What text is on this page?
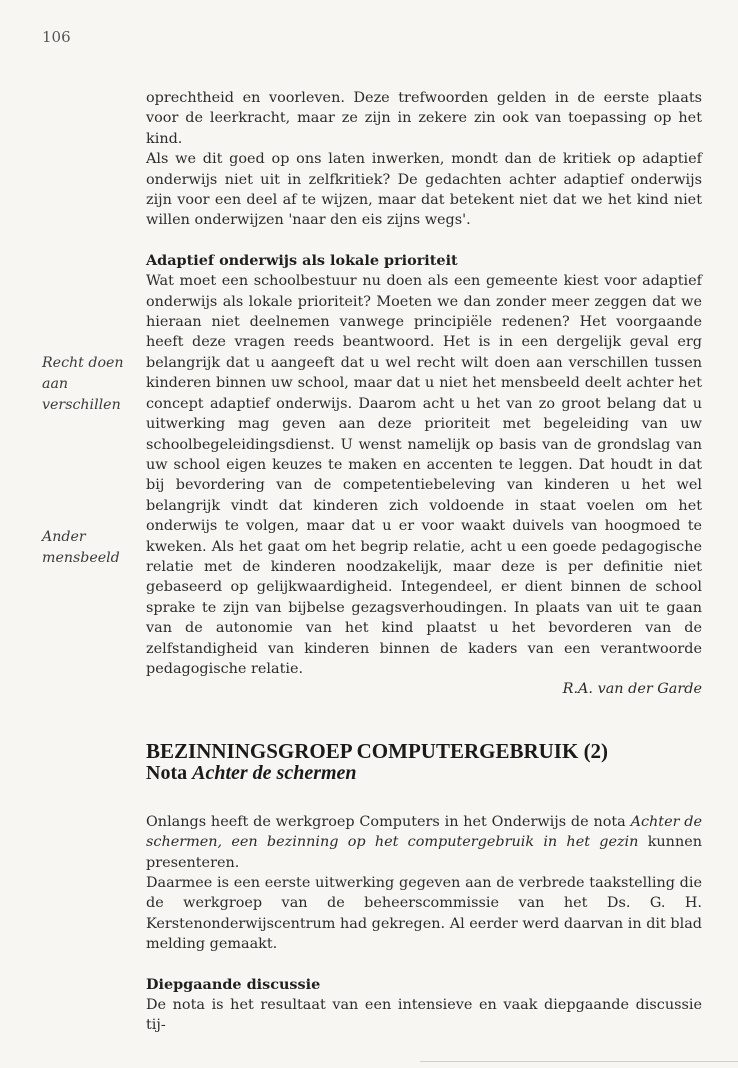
106
Recht doen aan verschillen
Ander mensbeeld

oprechtheid en voorleven. Deze trefwoorden gelden in de eerste plaats voor de leerkracht, maar ze zijn in zekere zin ook van toepassing op het kind.

Als we dit goed op ons laten inwerken, mondt dan de kritiek op adaptief onderwijs niet uit in zelfkritiek? De gedachten achter adaptief onderwijs zijn voor een deel af te wijzen, maar dat betekent niet dat we het kind niet willen onderwijzen 'naar den eis zijns wegs'.

Adaptief onderwijs als lokale prioriteit

Wat moet een schoolbestuur nu doen als een gemeente kiest voor adaptief onderwijs als lokale prioriteit? Moeten we dan zonder meer zeggen dat we hieraan niet deelnemen vanwege principiële redenen? Het voorgaande heeft deze vragen reeds beantwoord. Het is in een dergelijk geval erg belangrijk dat u aangeeft dat u wel recht wilt doen aan verschillen tussen kinderen binnen uw school, maar dat u niet het mensbeeld deelt achter het concept adaptief onderwijs. Daarom acht u het van zo groot belang dat u uitwerking mag geven aan deze prioriteit met begeleiding van uw schoolbegeleidingsdienst. U wenst namelijk op basis van de grondslag van uw school eigen keuzes te maken en accenten te leggen. Dat houdt in dat bij bevordering van de competentiebeleving van kinderen u het wel belangrijk vindt dat kinderen zich voldoende in staat voelen om het onderwijs te volgen, maar dat u er voor waakt duivels van hoogmoed te kweken. Als het gaat om het begrip relatie, acht u een goede pedagogische relatie met de kinderen noodzakelijk, maar deze is per definitie niet gebaseerd op gelijkwaardigheid. Integendeel, er dient binnen de school sprake te zijn van bijbelse gezagsverhoudingen. In plaats van uit te gaan van de autonomie van het kind plaatst u het bevorderen van de zelfstandigheid van kinderen binnen de kaders van een verantwoorde pedagogische relatie.

R.A. van der Garde

BEZINNINGSGROEP COMPUTERGEBRUIK (2)
Nota Achter de schermen

Onlangs heeft de werkgroep Computers in het Onderwijs de nota Achter de schermen, een bezinning op het computergebruik in het gezin kunnen presenteren.

Daarmee is een eerste uitwerking gegeven aan de verbrede taakstelling die de werkgroep van de beheerscommissie van het Ds. G. H. Kerstenonderwijscentrum had gekregen. Al eerder werd daarvan in dit blad melding gemaakt.

Diepgaande discussie

De nota is het resultaat van een intensieve en vaak diepgaande discussie tij-
